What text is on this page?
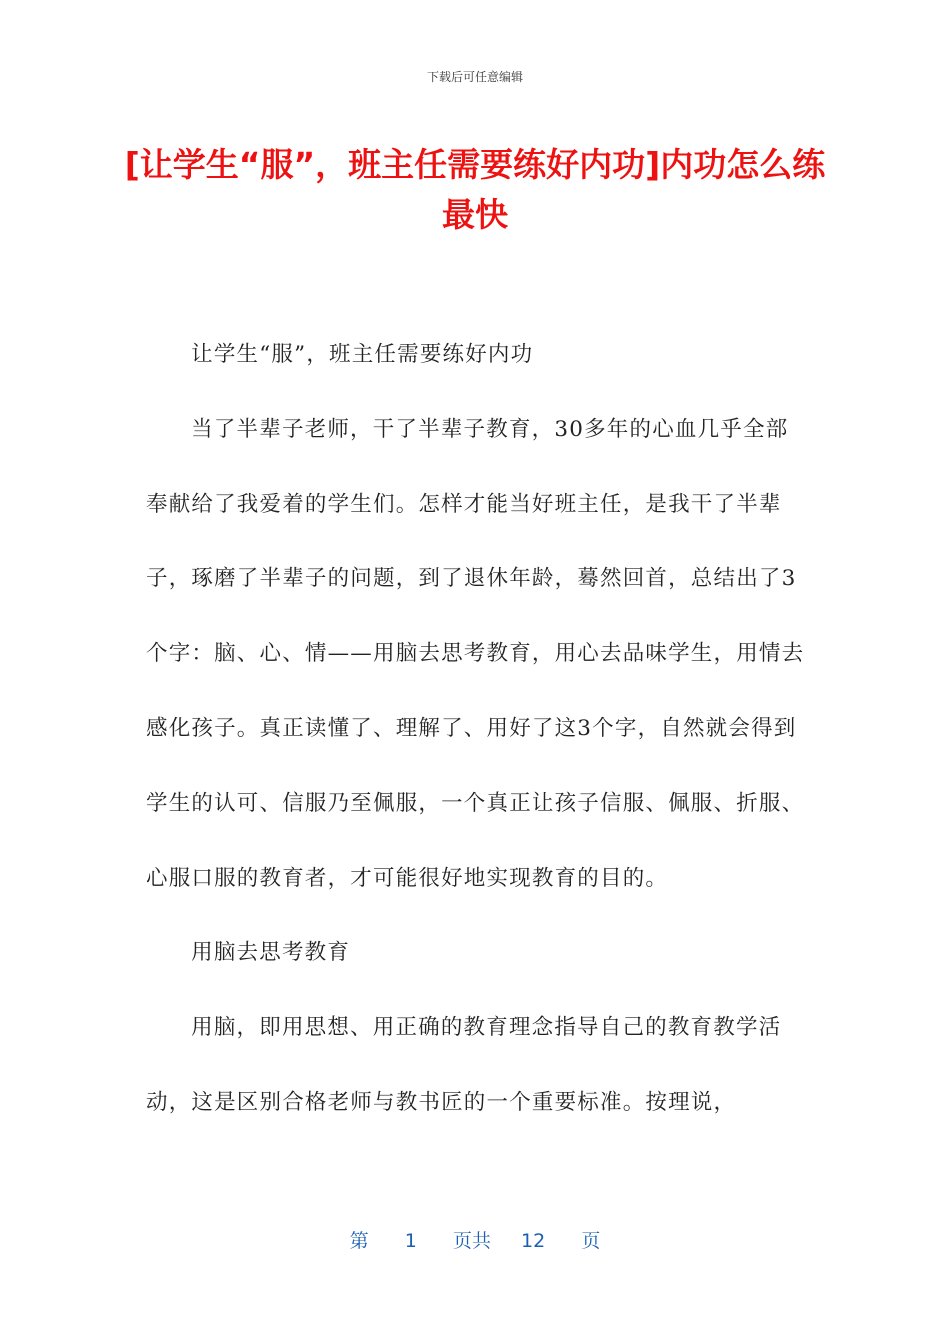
下载后可任意编辑
[让学生“服”，班主任需要练好内功]内功怎么练最快

让学生“服”，班主任需要练好内功

当了半辈子老师，干了半辈子教育，30多年的心血几乎全部奉献给了我爱着的学生们。怎样才能当好班主任，是我干了半辈子，琢磨了半辈子的问题，到了退休年龄，蓦然回首，总结出了3个字：脑、心、情——用脑去思考教育，用心去品味学生，用情去感化孩子。真正读懂了、理解了、用好了这3个字，自然就会得到学生的认可、信服乃至佩服，一个真正让孩子信服、佩服、折服、心服口服的教育者，才可能很好地实现教育的目的。

用脑去思考教育

用脑，即用思想、用正确的教育理念指导自己的教育教学活动，这是区别合格老师与教书匠的一个重要标准。按理说，

第 1 页共 12 页
